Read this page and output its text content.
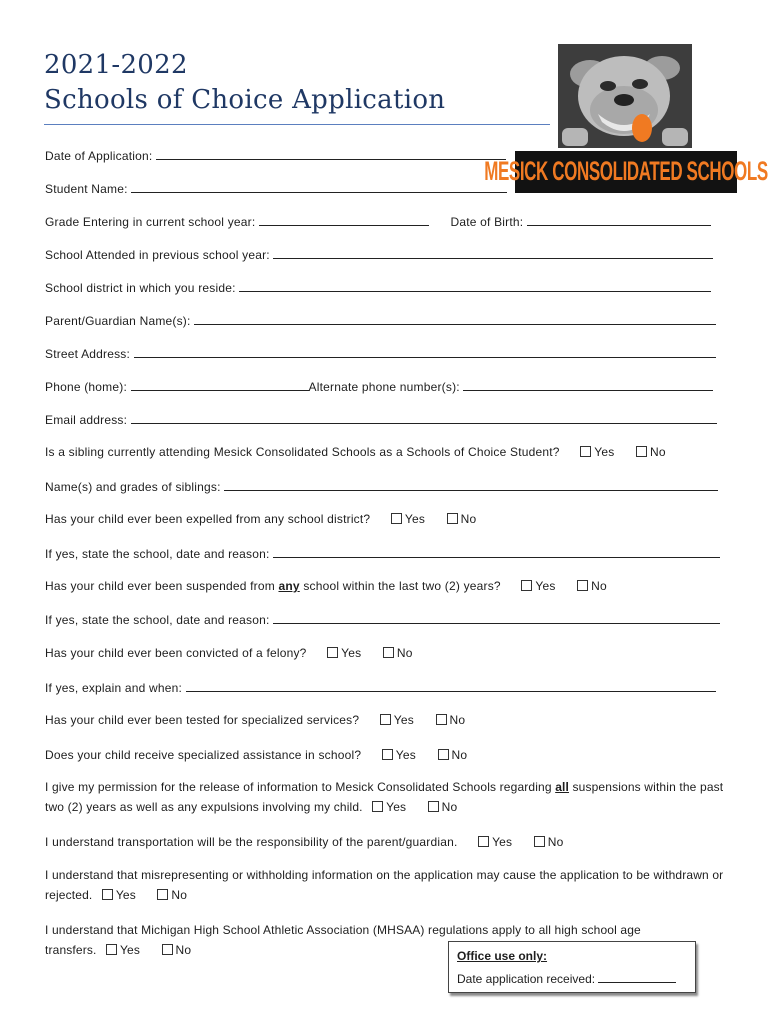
2021-2022
Schools of Choice Application
MESICK CONSOLIDATED SCHOOLS
Date of Application:
Student Name:
Grade Entering in current school year:	Date of Birth:
School Attended in previous school year:
School district in which you reside:
Parent/Guardian Name(s):
Street Address:
Phone (home):	Alternate phone number(s):
Email address:
Is a sibling currently attending Mesick Consolidated Schools as a Schools of Choice Student?	Yes	No
Name(s) and grades of siblings:
Has your child ever been expelled from any school district?	Yes	No
If yes, state the school, date and reason:
Has your child ever been suspended from any school within the last two (2) years?	Yes	No
If yes, state the school, date and reason:
Has your child ever been convicted of a felony?	Yes	No
If yes, explain and when:
Has your child ever been tested for specialized services?	Yes	No
Does your child receive specialized assistance in school?	Yes	No
I give my permission for the release of information to Mesick Consolidated Schools regarding all suspensions within the past two (2) years as well as any expulsions involving my child. Yes	No
I understand transportation will be the responsibility of the parent/guardian.	Yes	No
I understand that misrepresenting or withholding information on the application may cause the application to be withdrawn or rejected. Yes	No
I understand that Michigan High School Athletic Association (MHSAA) regulations apply to all high school age transfers. Yes	No	Office use only:
Date application received:
